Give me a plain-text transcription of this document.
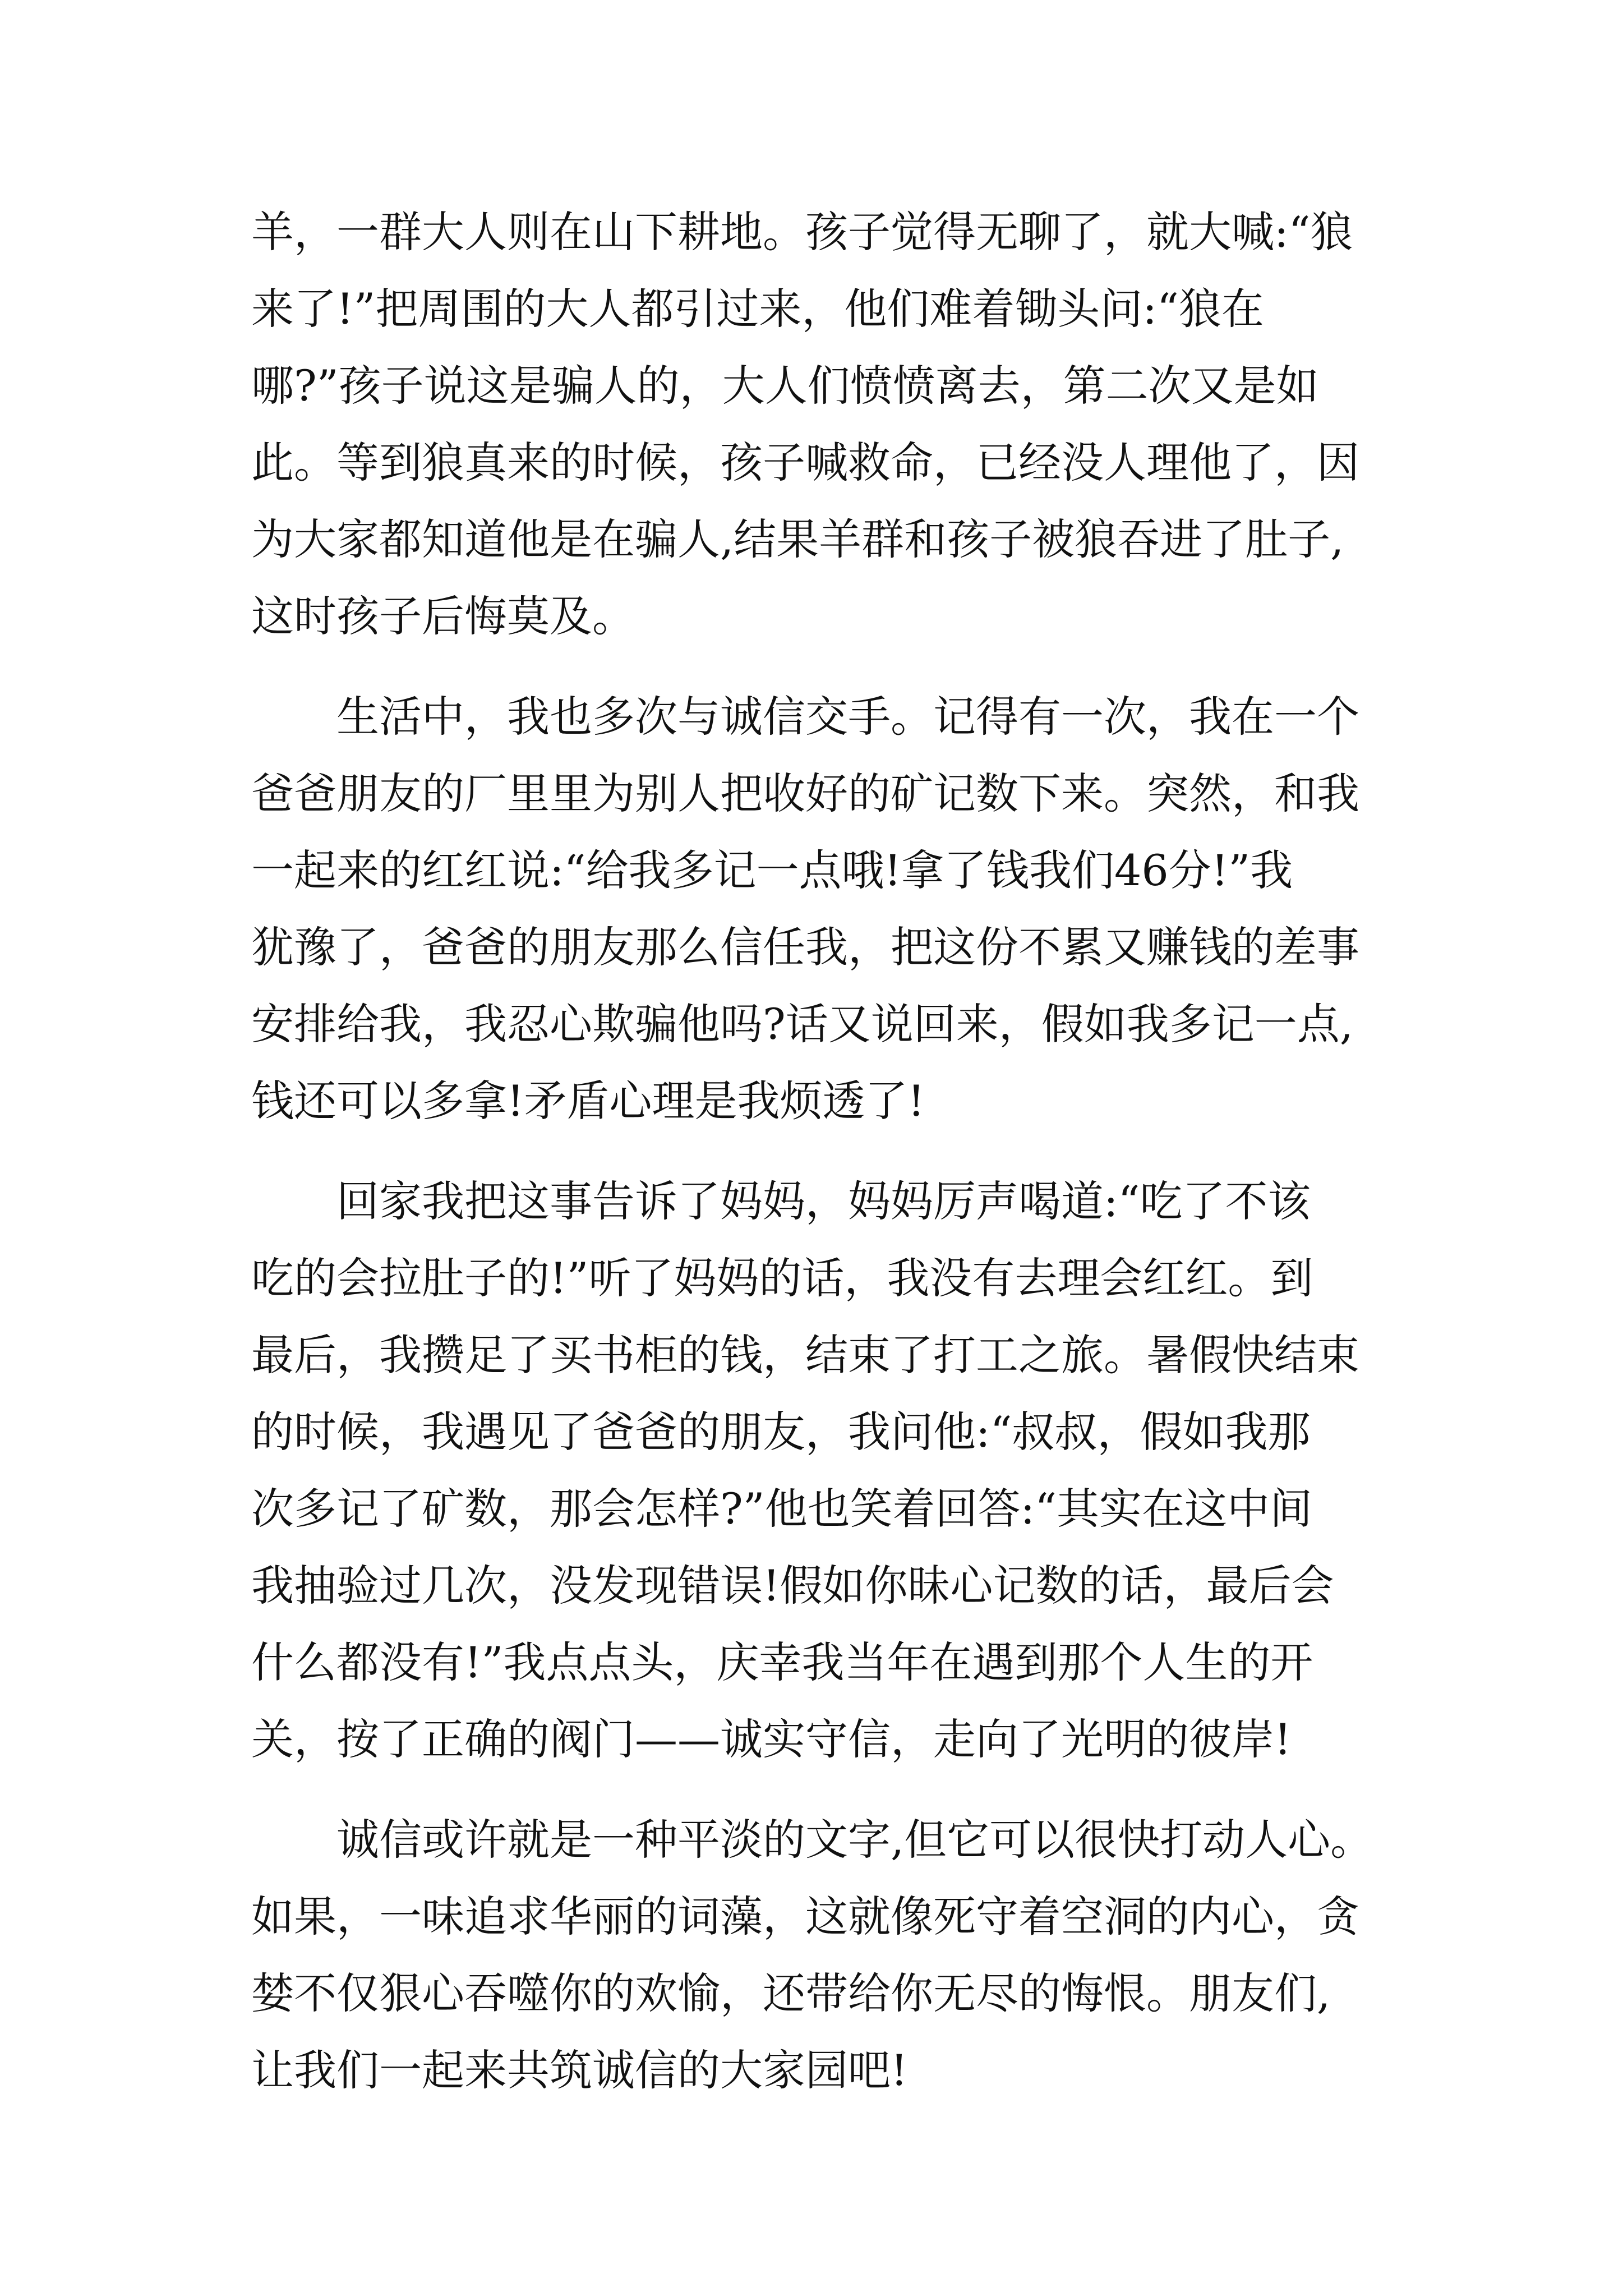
羊，一群大人则在山下耕地。孩子觉得无聊了，就大喊:“狼
来了!”把周围的大人都引过来，他们难着锄头问:“狼在
哪?”孩子说这是骗人的，大人们愤愤离去，第二次又是如
此。等到狼真来的时候，孩子喊救命，已经没人理他了，因
为大家都知道他是在骗人,结果羊群和孩子被狼吞进了肚子,
这时孩子后悔莫及。
　　生活中，我也多次与诚信交手。记得有一次，我在一个
爸爸朋友的厂里里为别人把收好的矿记数下来。突然，和我
一起来的红红说:“给我多记一点哦!拿了钱我们46分!”我
犹豫了，爸爸的朋友那么信任我，把这份不累又赚钱的差事
安排给我，我忍心欺骗他吗?话又说回来，假如我多记一点,
钱还可以多拿!矛盾心理是我烦透了!
　　回家我把这事告诉了妈妈，妈妈厉声喝道:“吃了不该
吃的会拉肚子的!”听了妈妈的话，我没有去理会红红。到
最后，我攒足了买书柜的钱，结束了打工之旅。暑假快结束
的时候，我遇见了爸爸的朋友，我问他:“叔叔，假如我那
次多记了矿数，那会怎样?”他也笑着回答:“其实在这中间
我抽验过几次，没发现错误!假如你昧心记数的话，最后会
什么都没有!”我点点头，庆幸我当年在遇到那个人生的开
关，按了正确的阀门——诚实守信，走向了光明的彼岸!
　　诚信或许就是一种平淡的文字,但它可以很快打动人心。
如果，一味追求华丽的词藻，这就像死守着空洞的内心，贪
婪不仅狠心吞噬你的欢愉，还带给你无尽的悔恨。朋友们,
让我们一起来共筑诚信的大家园吧!
